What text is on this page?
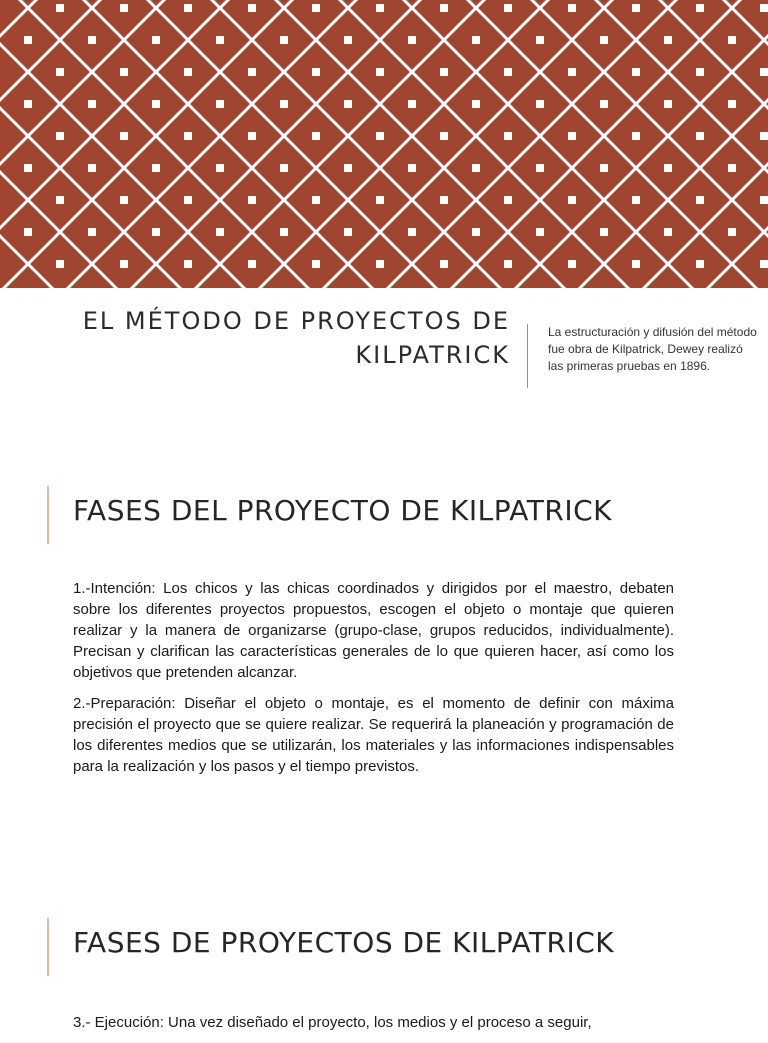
EL MÉTODO DE PROYECTOS DE KILPATRICK
La estructuración y difusión del método fue obra de Kilpatrick, Dewey realizó las primeras pruebas en 1896.
FASES DEL PROYECTO DE KILPATRICK

1.-Intención: Los chicos y las chicas coordinados y dirigidos por el maestro, debaten sobre los diferentes proyectos propuestos, escogen el objeto o montaje que quieren realizar y la manera de organizarse (grupo-clase, grupos reducidos, individualmente). Precisan y clarifican las características generales de lo que quieren hacer, así como los objetivos que pretenden alcanzar.

2.-Preparación: Diseñar el objeto o montaje, es el momento de definir con máxima precisión el proyecto que se quiere realizar. Se requerirá la planeación y programación de los diferentes medios que se utilizarán, los materiales y las informaciones indispensables para la realización y los pasos y el tiempo previstos.

FASES DE PROYECTOS DE KILPATRICK

3.- Ejecución: Una vez diseñado el proyecto, los medios y el proceso a seguir,
